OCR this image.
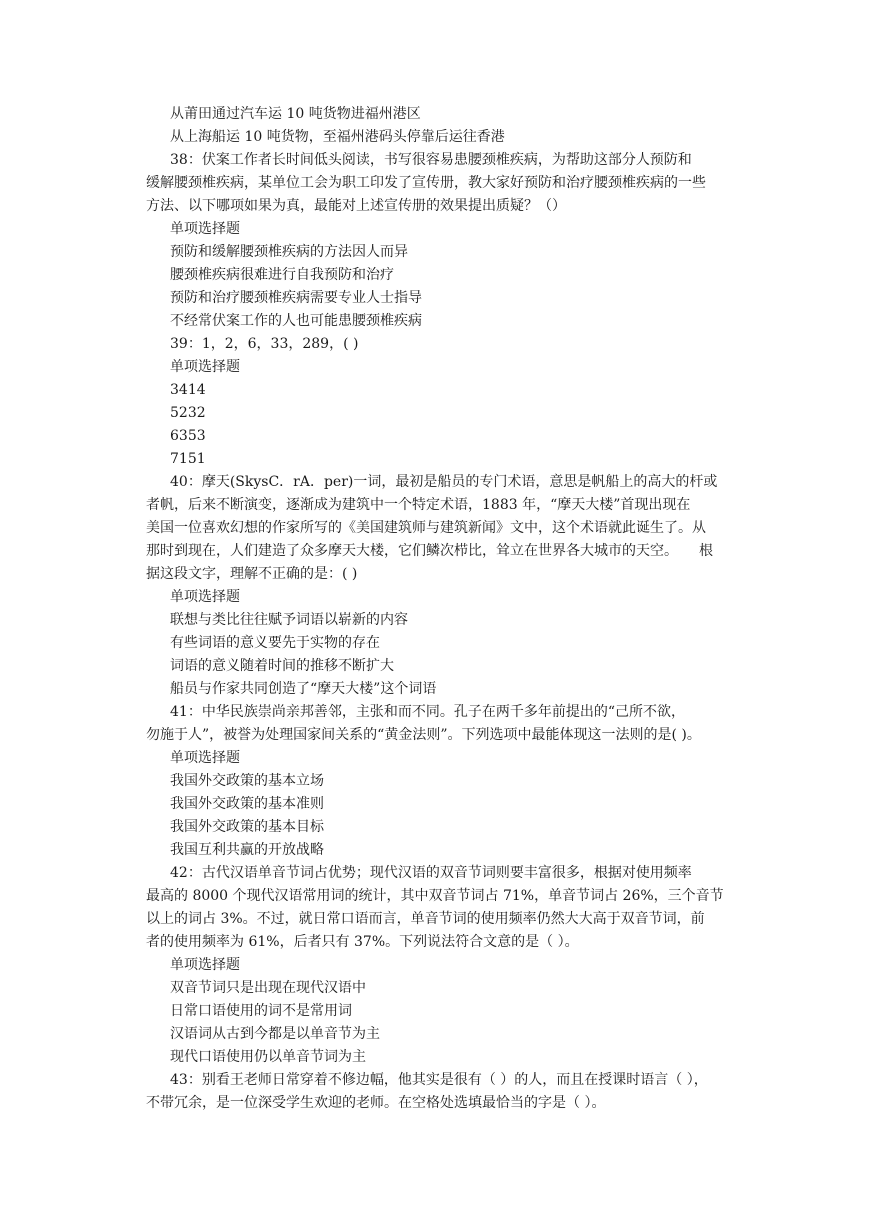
从莆田通过汽车运 10 吨货物进福州港区
从上海船运 10 吨货物，至福州港码头停靠后运往香港
38：伏案工作者长时间低头阅读，书写很容易患腰颈椎疾病，为帮助这部分人预防和
缓解腰颈椎疾病，某单位工会为职工印发了宣传册，教大家好预防和治疗腰颈椎疾病的一些
方法、以下哪项如果为真，最能对上述宣传册的效果提出质疑？（）
单项选择题
预防和缓解腰颈椎疾病的方法因人而异
腰颈椎疾病很难进行自我预防和治疗
预防和治疗腰颈椎疾病需要专业人士指导
不经常伏案工作的人也可能患腰颈椎疾病
39：1，2，6，33，289，( )
单项选择题
3414
5232
6353
7151
40：摩天(SkysC．rA．per)一词，最初是船员的专门术语，意思是帆船上的高大的杆或
者帆，后来不断演变，逐渐成为建筑中一个特定术语，1883 年，“摩天大楼”首现出现在
美国一位喜欢幻想的作家所写的《美国建筑师与建筑新闻》文中，这个术语就此诞生了。从
那时到现在，人们建造了众多摩天大楼，它们鳞次栉比，耸立在世界各大城市的天空。　　根
据这段文字，理解不正确的是：( )
单项选择题
联想与类比往往赋予词语以崭新的内容
有些词语的意义要先于实物的存在
词语的意义随着时间的推移不断扩大
船员与作家共同创造了“摩天大楼”这个词语
41：中华民族崇尚亲邦善邻，主张和而不同。孔子在两千多年前提出的“己所不欲，
勿施于人”，被誉为处理国家间关系的“黄金法则”。下列选项中最能体现这一法则的是( )。
单项选择题
我国外交政策的基本立场
我国外交政策的基本准则
我国外交政策的基本目标
我国互利共赢的开放战略
42：古代汉语单音节词占优势；现代汉语的双音节词则要丰富很多，根据对使用频率
最高的 8000 个现代汉语常用词的统计，其中双音节词占 71%，单音节词占 26%，三个音节
以上的词占 3%。不过，就日常口语而言，单音节词的使用频率仍然大大高于双音节词，前
者的使用频率为 61%，后者只有 37%。下列说法符合文意的是（ ）。
单项选择题
双音节词只是出现在现代汉语中
日常口语使用的词不是常用词
汉语词从古到今都是以单音节为主
现代口语使用仍以单音节词为主
43：别看王老师日常穿着不修边幅，他其实是很有（ ）的人，而且在授课时语言（ ），
不带冗余，是一位深受学生欢迎的老师。在空格处选填最恰当的字是（ ）。
